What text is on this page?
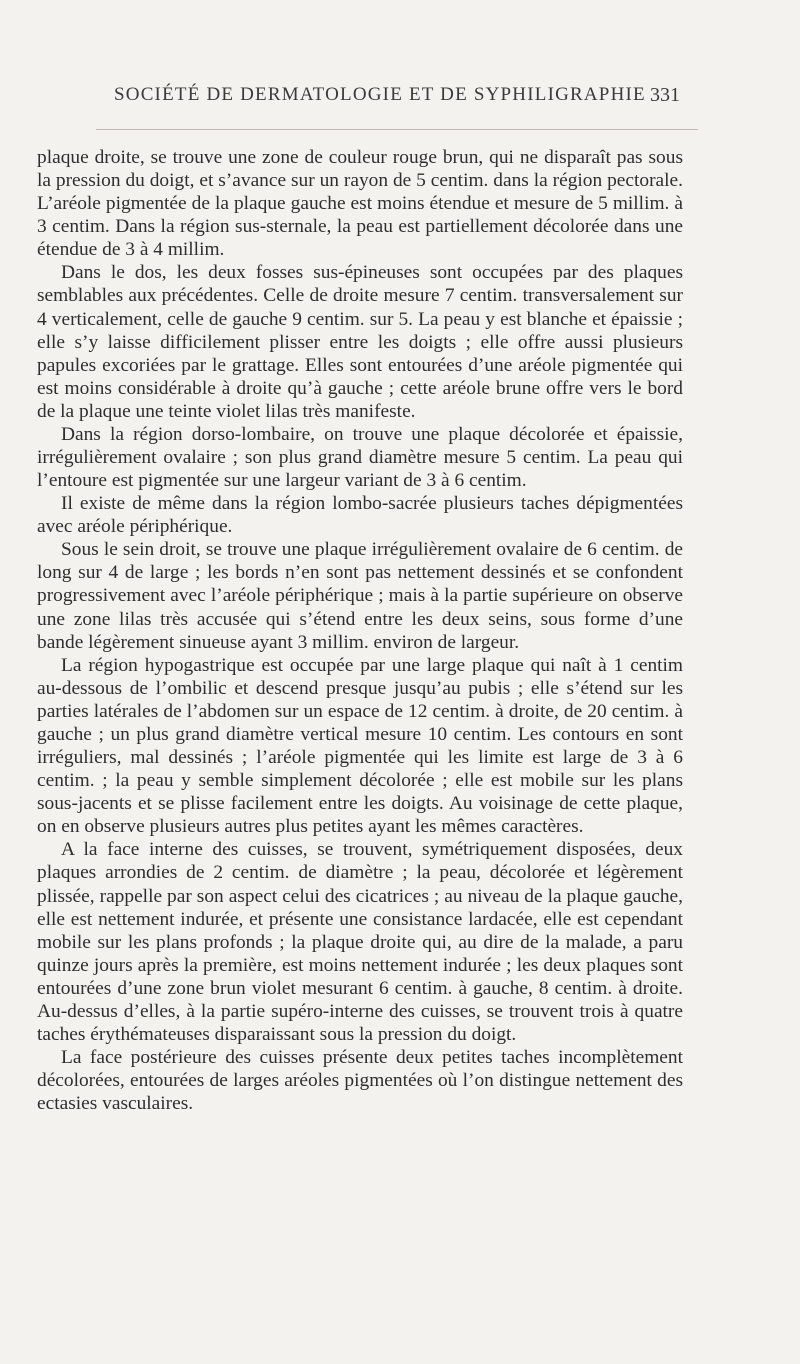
SOCIÉTÉ DE DERMATOLOGIE ET DE SYPHILIGRAPHIE 331

plaque droite, se trouve une zone de couleur rouge brun, qui ne disparaît pas sous la pression du doigt, et s’avance sur un rayon de 5 centim. dans la région pectorale. L’aréole pigmentée de la plaque gauche est moins étendue et mesure de 5 millim. à 3 centim. Dans la région sus-sternale, la peau est partiellement décolorée dans une étendue de 3 à 4 millim.

Dans le dos, les deux fosses sus-épineuses sont occupées par des plaques semblables aux précédentes. Celle de droite mesure 7 centim. transversalement sur 4 verticalement, celle de gauche 9 centim. sur 5. La peau y est blanche et épaissie ; elle s’y laisse difficilement plisser entre les doigts ; elle offre aussi plusieurs papules excoriées par le grattage. Elles sont entourées d’une aréole pigmentée qui est moins considérable à droite qu’à gauche ; cette aréole brune offre vers le bord de la plaque une teinte violet lilas très manifeste.

Dans la région dorso-lombaire, on trouve une plaque décolorée et épaissie, irrégulièrement ovalaire ; son plus grand diamètre mesure 5 centim. La peau qui l’entoure est pigmentée sur une largeur variant de 3 à 6 centim.

Il existe de même dans la région lombo-sacrée plusieurs taches dépigmentées avec aréole périphérique.

Sous le sein droit, se trouve une plaque irrégulièrement ovalaire de 6 centim. de long sur 4 de large ; les bords n’en sont pas nettement dessinés et se confondent progressivement avec l’aréole périphérique ; mais à la partie supérieure on observe une zone lilas très accusée qui s’étend entre les deux seins, sous forme d’une bande légèrement sinueuse ayant 3 millim. environ de largeur.

La région hypogastrique est occupée par une large plaque qui naît à 1 centim au-dessous de l’ombilic et descend presque jusqu’au pubis ; elle s’étend sur les parties latérales de l’abdomen sur un espace de 12 centim. à droite, de 20 centim. à gauche ; un plus grand diamètre vertical mesure 10 centim. Les contours en sont irréguliers, mal dessinés ; l’aréole pigmentée qui les limite est large de 3 à 6 centim. ; la peau y semble simplement décolorée ; elle est mobile sur les plans sous-jacents et se plisse facilement entre les doigts. Au voisinage de cette plaque, on en observe plusieurs autres plus petites ayant les mêmes caractères.

A la face interne des cuisses, se trouvent, symétriquement disposées, deux plaques arrondies de 2 centim. de diamètre ; la peau, décolorée et légèrement plissée, rappelle par son aspect celui des cicatrices ; au niveau de la plaque gauche, elle est nettement indurée, et présente une consistance lardacée, elle est cependant mobile sur les plans profonds ; la plaque droite qui, au dire de la malade, a paru quinze jours après la première, est moins nettement indurée ; les deux plaques sont entourées d’une zone brun violet mesurant 6 centim. à gauche, 8 centim. à droite. Au-dessus d’elles, à la partie supéro-interne des cuisses, se trouvent trois à quatre taches érythémateuses disparaissant sous la pression du doigt.

La face postérieure des cuisses présente deux petites taches incomplètement décolorées, entourées de larges aréoles pigmentées où l’on distingue nettement des ectasies vasculaires.
